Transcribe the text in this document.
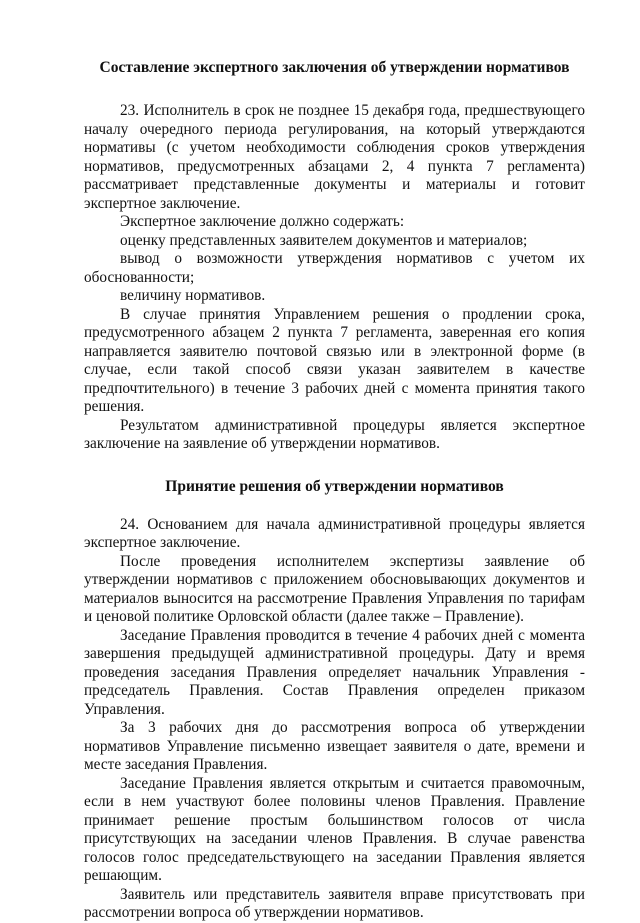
Составление экспертного заключения об утверждении нормативов

23. Исполнитель в срок не позднее 15 декабря года, предшествующего началу очередного периода регулирования, на который утверждаются нормативы (с учетом необходимости соблюдения сроков утверждения нормативов, предусмотренных абзацами 2, 4 пункта 7 регламента) рассматривает представленные документы и материалы и готовит экспертное заключение.

Экспертное заключение должно содержать:

оценку представленных заявителем документов и материалов;

вывод о возможности утверждения нормативов с учетом их обоснованности;

величину нормативов.

В случае принятия Управлением решения о продлении срока, предусмотренного абзацем 2 пункта 7 регламента, заверенная его копия направляется заявителю почтовой связью или в электронной форме (в случае, если такой способ связи указан заявителем в качестве предпочтительного) в течение 3 рабочих дней с момента принятия такого решения.

Результатом административной процедуры является экспертное заключение на заявление об утверждении нормативов.

Принятие решения об утверждении нормативов

24. Основанием для начала административной процедуры является экспертное заключение.

После проведения исполнителем экспертизы заявление об утверждении нормативов с приложением обосновывающих документов и материалов выносится на рассмотрение Правления Управления по тарифам и ценовой политике Орловской области (далее также – Правление).

Заседание Правления проводится в течение 4 рабочих дней с момента завершения предыдущей административной процедуры. Дату и время проведения заседания Правления определяет начальник Управления - председатель Правления. Состав Правления определен приказом Управления.

За 3 рабочих дня до рассмотрения вопроса об утверждении нормативов Управление письменно извещает заявителя о дате, времени и месте заседания Правления.

Заседание Правления является открытым и считается правомочным, если в нем участвуют более половины членов Правления. Правление принимает решение простым большинством голосов от числа присутствующих на заседании членов Правления. В случае равенства голосов голос председательствующего на заседании Правления является решающим.

Заявитель или представитель заявителя вправе присутствовать при рассмотрении вопроса об утверждении нормативов.
